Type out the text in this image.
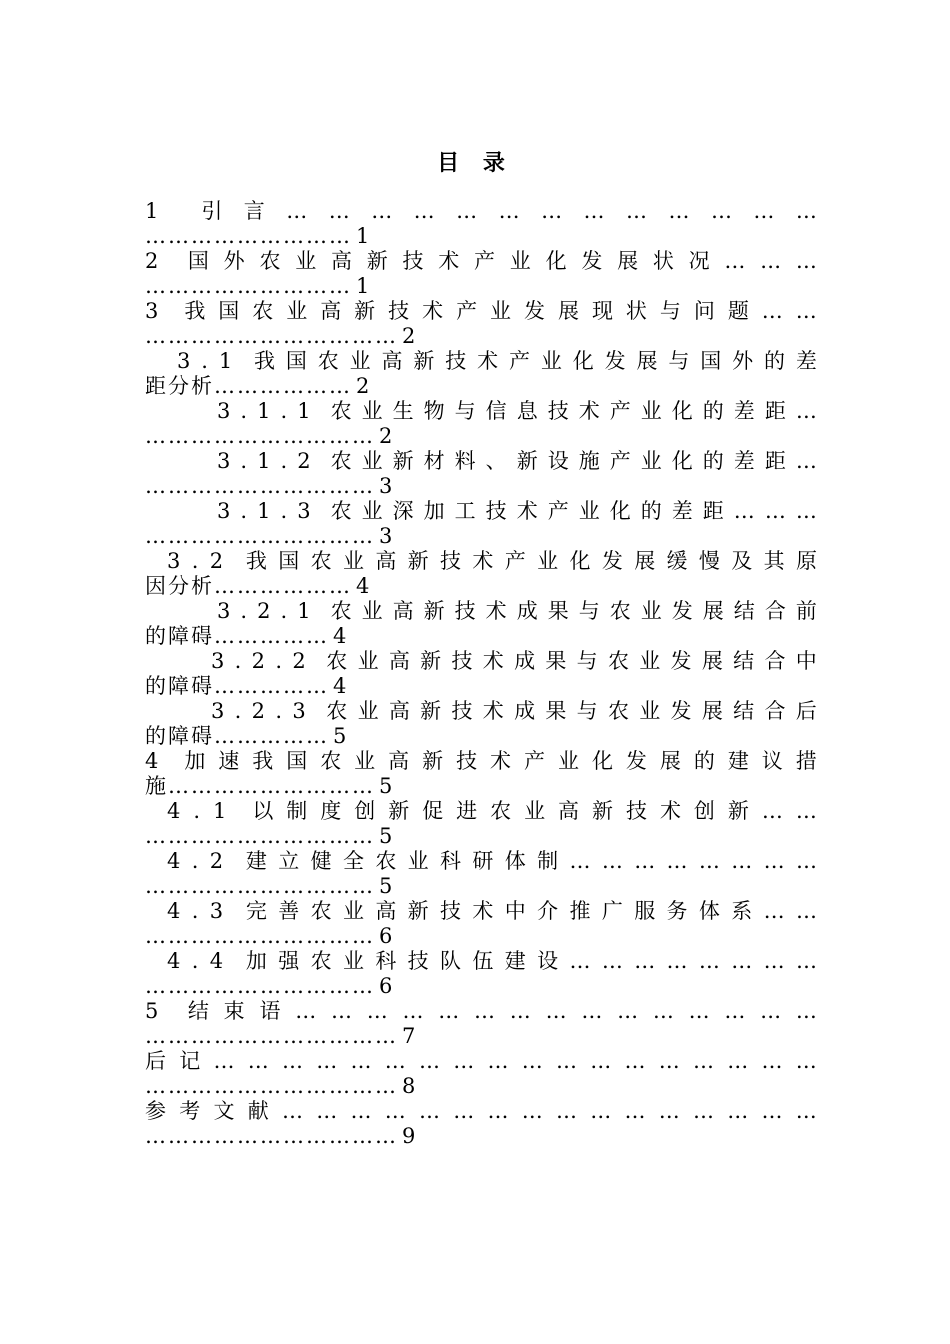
目 录
1 引 言 … … … … … … … … … … … … …
……………………… 1
2 国 外 农 业 高 新 技 术 产 业 化 发 展 状 况 … … …
……………………… 1
3 我 国 农 业 高 新 技 术 产 业 发 展 现 状 与 问 题 … …
…………………………… 2
3 . 1 我 国 农 业 高 新 技 术 产 业 化 发 展 与 国 外 的 差
距分析……………… 2
3 . 1 . 1 农 业 生 物 与 信 息 技 术 产 业 化 的 差 距 …
………………………… 2
3 . 1 . 2 农 业 新 材 料 、 新 设 施 产 业 化 的 差 距 …
………………………… 3
3 . 1 . 3 农 业 深 加 工 技 术 产 业 化 的 差 距 … … …
………………………… 3
3 . 2 我 国 农 业 高 新 技 术 产 业 化 发 展 缓 慢 及 其 原
因分析……………… 4
3 . 2 . 1 农 业 高 新 技 术 成 果 与 农 业 发 展 结 合 前
的障碍…………… 4
3 . 2 . 2 农 业 高 新 技 术 成 果 与 农 业 发 展 结 合 中
的障碍…………… 4
3 . 2 . 3 农 业 高 新 技 术 成 果 与 农 业 发 展 结 合 后
的障碍…………… 5
4 加 速 我 国 农 业 高 新 技 术 产 业 化 发 展 的 建 议 措
施……………………… 5
4 . 1 以 制 度 创 新 促 进 农 业 高 新 技 术 创 新 … …
………………………… 5
4 . 2 建 立 健 全 农 业 科 研 体 制 … … … … … … … …
………………………… 5
4 . 3 完 善 农 业 高 新 技 术 中 介 推 广 服 务 体 系 … …
………………………… 6
4 . 4 加 强 农 业 科 技 队 伍 建 设 … … … … … … … …
………………………… 6
5 结 束 语 … … … … … … … … … … … … … … …
…………………………… 7
后 记 … … … … … … … … … … … … … … … … … …
…………………………… 8
参 考 文 献 … … … … … … … … … … … … … … … …
…………………………… 9
